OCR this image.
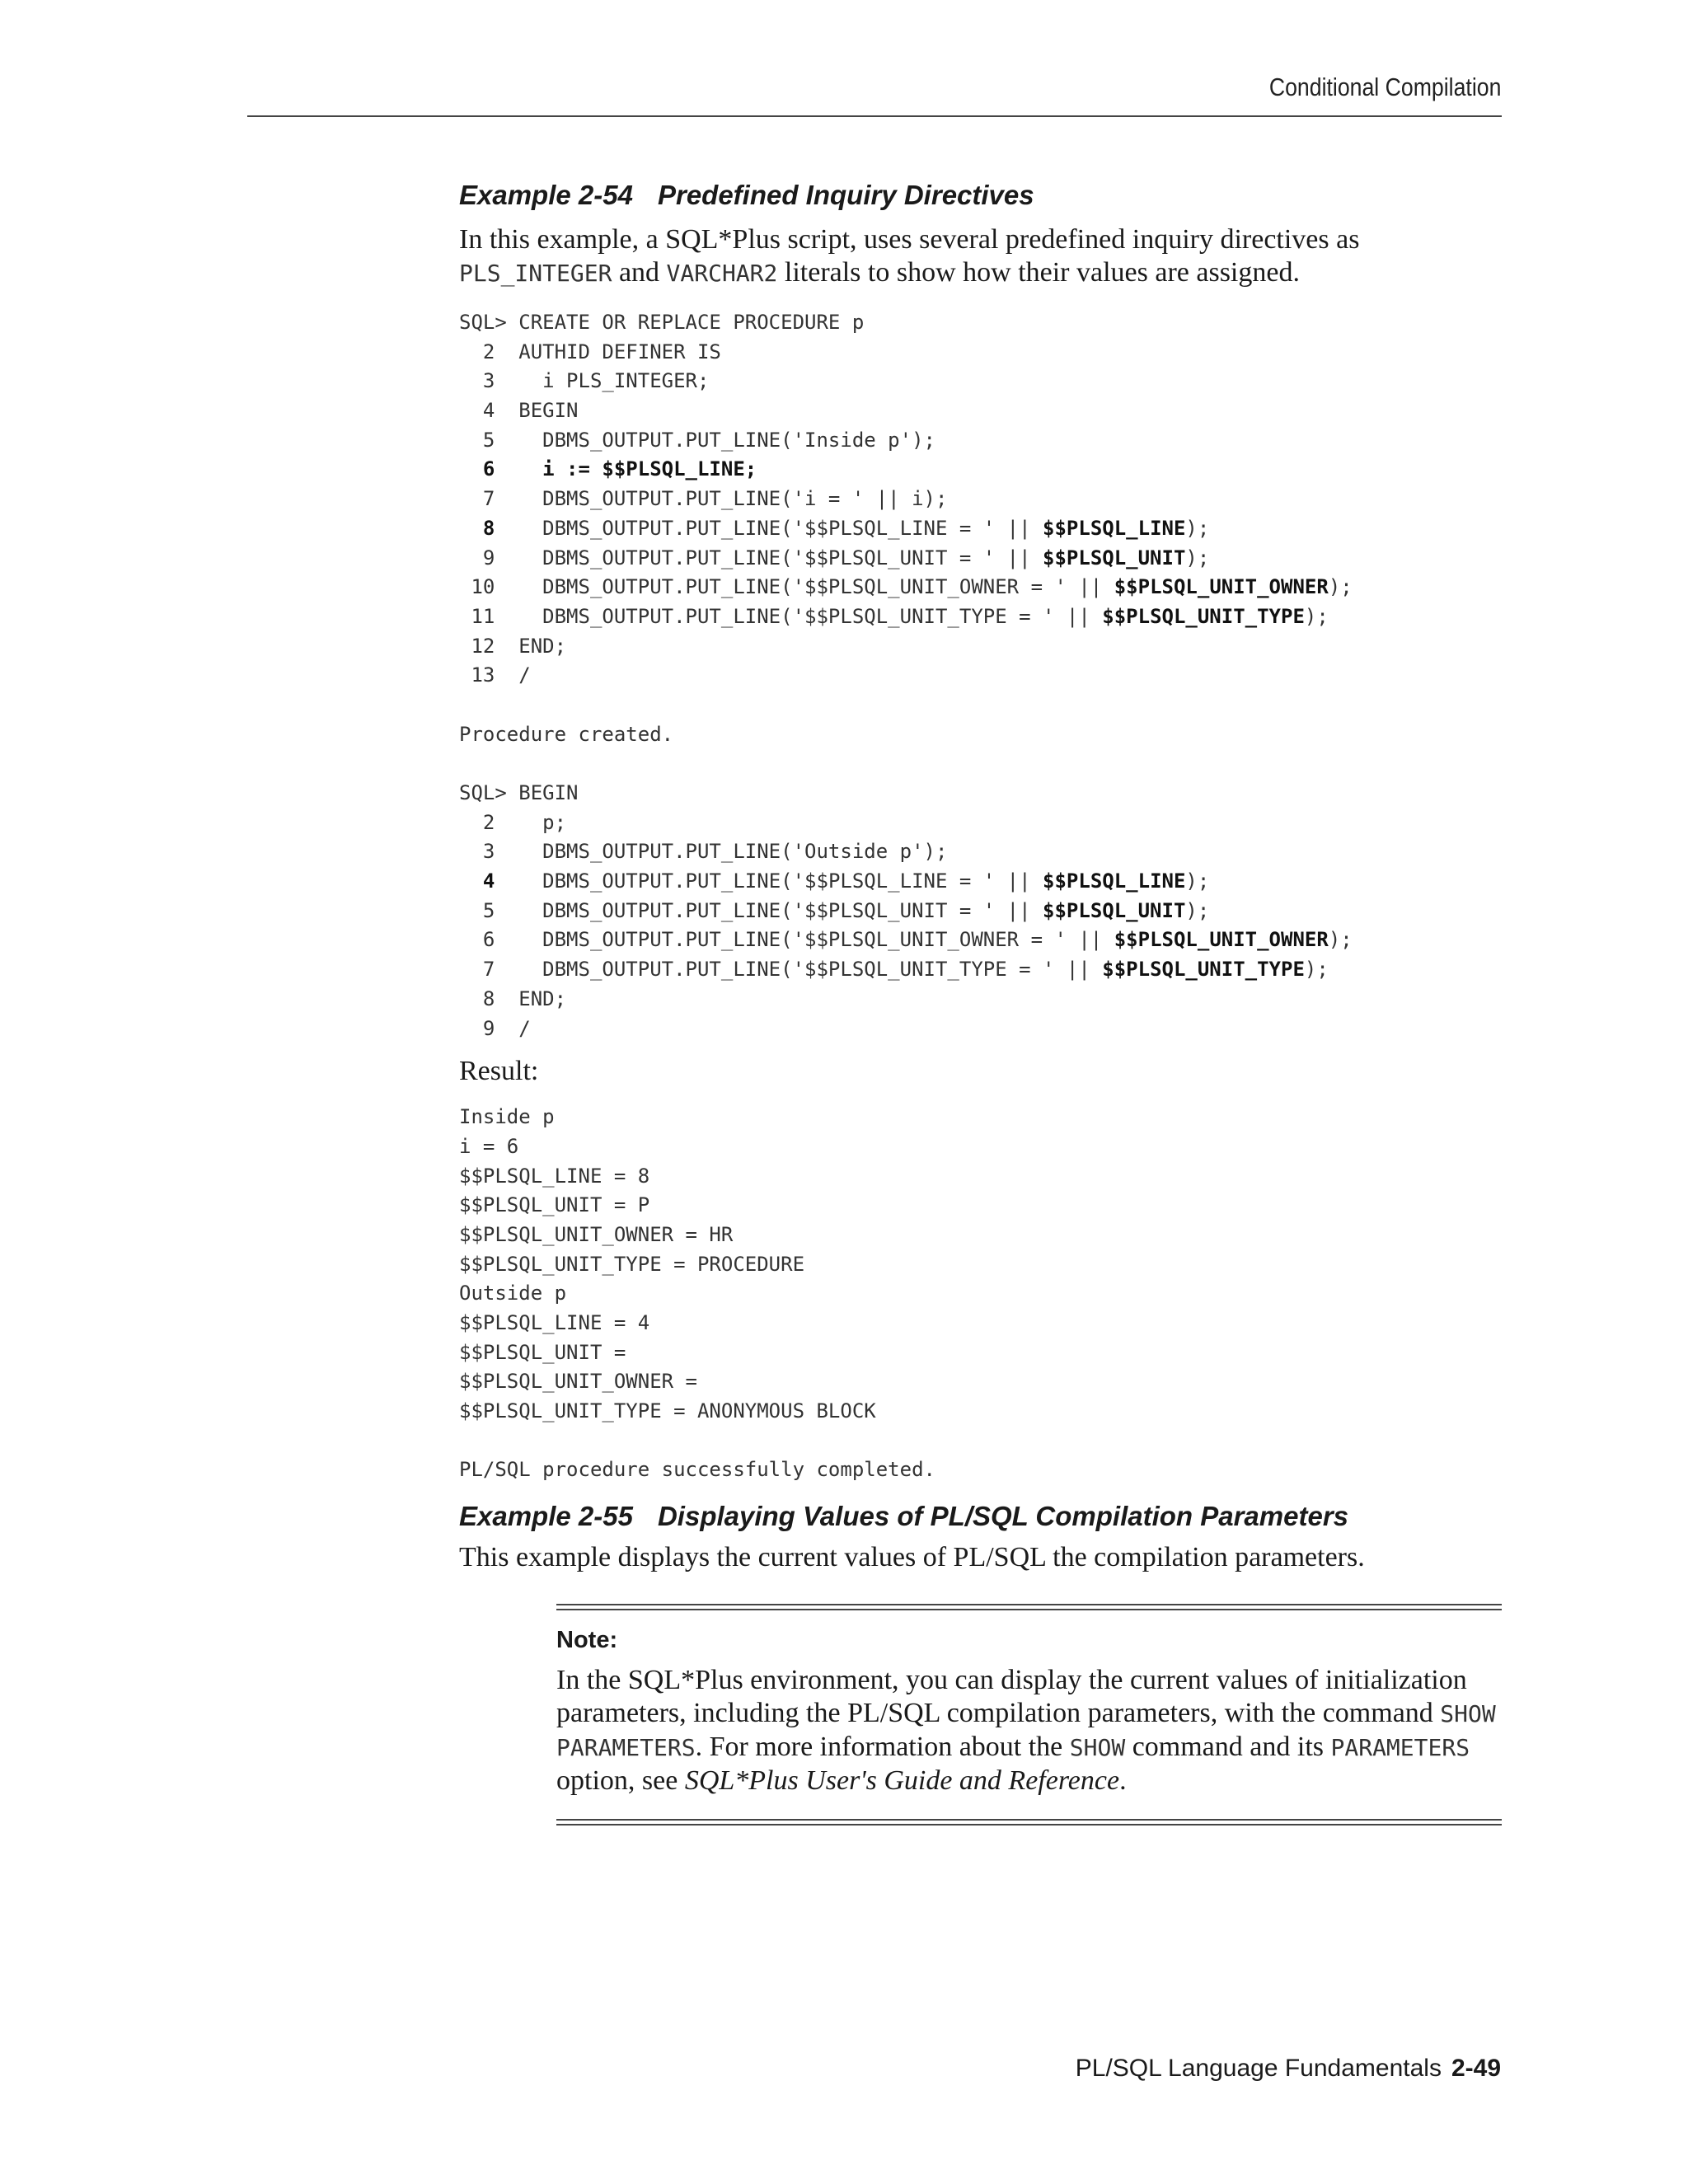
Conditional Compilation

Example 2-54 Predefined Inquiry Directives

In this example, a SQL*Plus script, uses several predefined inquiry directives as
PLS_INTEGER and VARCHAR2 literals to show how their values are assigned.

SQL> CREATE OR REPLACE PROCEDURE p
2  AUTHID DEFINER IS
3    i PLS_INTEGER;
4  BEGIN
5    DBMS_OUTPUT.PUT_LINE('Inside p');
6    i := $$PLSQL_LINE;
7    DBMS_OUTPUT.PUT_LINE('i = ' || i);
8    DBMS_OUTPUT.PUT_LINE('$$PLSQL_LINE = ' || $$PLSQL_LINE);
9    DBMS_OUTPUT.PUT_LINE('$$PLSQL_UNIT = ' || $$PLSQL_UNIT);
10    DBMS_OUTPUT.PUT_LINE('$$PLSQL_UNIT_OWNER = ' || $$PLSQL_UNIT_OWNER);
11    DBMS_OUTPUT.PUT_LINE('$$PLSQL_UNIT_TYPE = ' || $$PLSQL_UNIT_TYPE);
12  END;
13  /
Procedure created.
SQL> BEGIN
2    p;
3    DBMS_OUTPUT.PUT_LINE('Outside p');
4    DBMS_OUTPUT.PUT_LINE('$$PLSQL_LINE = ' || $$PLSQL_LINE);
5    DBMS_OUTPUT.PUT_LINE('$$PLSQL_UNIT = ' || $$PLSQL_UNIT);
6    DBMS_OUTPUT.PUT_LINE('$$PLSQL_UNIT_OWNER = ' || $$PLSQL_UNIT_OWNER);
7    DBMS_OUTPUT.PUT_LINE('$$PLSQL_UNIT_TYPE = ' || $$PLSQL_UNIT_TYPE);
8  END;
9  /

Result:

Inside p
i = 6
$$PLSQL_LINE = 8
$$PLSQL_UNIT = P
$$PLSQL_UNIT_OWNER = HR
$$PLSQL_UNIT_TYPE = PROCEDURE
Outside p
$$PLSQL_LINE = 4
$$PLSQL_UNIT =
$$PLSQL_UNIT_OWNER =
$$PLSQL_UNIT_TYPE = ANONYMOUS BLOCK
PL/SQL procedure successfully completed.

Example 2-55 Displaying Values of PL/SQL Compilation Parameters

This example displays the current values of PL/SQL the compilation parameters.

Note:

In the SQL*Plus environment, you can display the current values of initialization parameters, including the PL/SQL compilation parameters, with the command SHOW PARAMETERS. For more information about the SHOW command and its PARAMETERS option, see SQL*Plus User's Guide and Reference.

PL/SQL Language Fundamentals 2-49
